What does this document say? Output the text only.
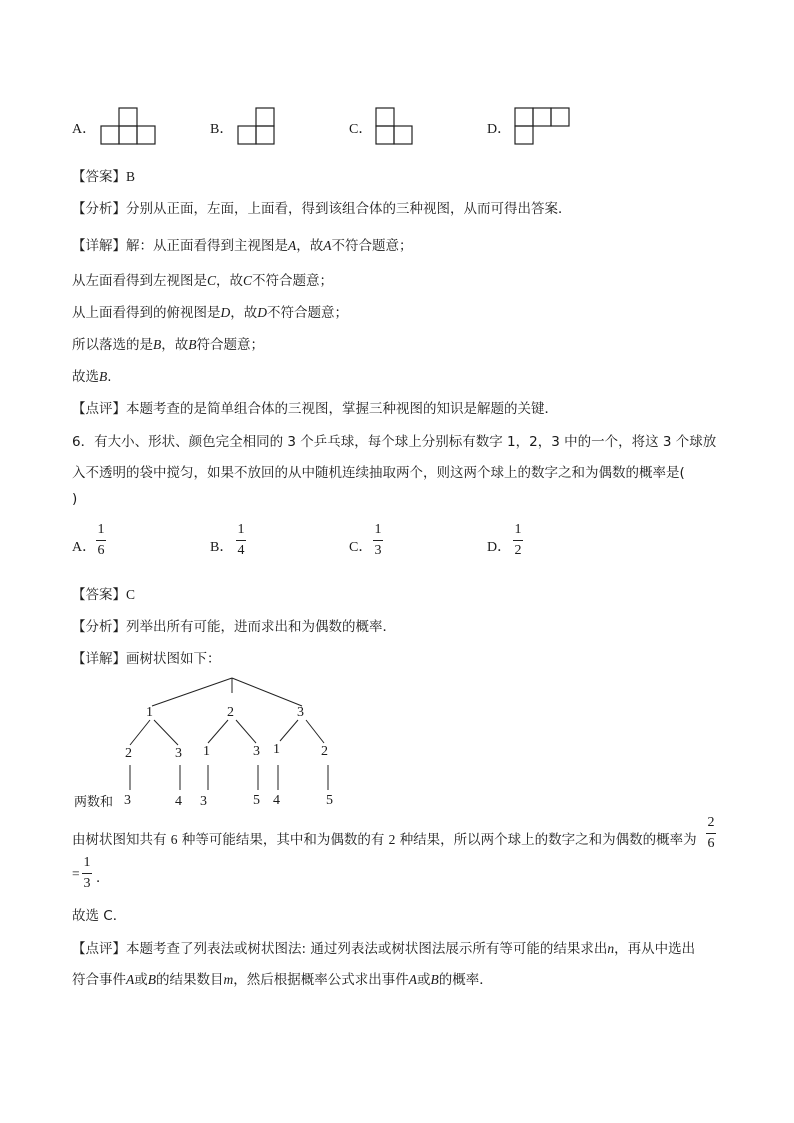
A．	B．	C．	D．
【答案】B
【分析】分别从正面，左面，上面看，得到该组合体的三种视图，从而可得出答案．
【详解】解：从正面看得到主视图是A，故A不符合题意；
从左面看得到左视图是C，故C不符合题意；
从上面看得到的俯视图是D，故D不符合题意；
所以落选的是B，故B符合题意；
故选B.
【点评】本题考查的是简单组合体的三视图，掌握三种视图的知识是解题的关键．
6．有大小、形状、颜色完全相同的 3 个乒乓球，每个球上分别标有数字 1，2，3 中的一个，将这 3 个球放
入不透明的袋中搅匀，如果不放回的从中随机连续抽取两个，则这两个球上的数字之和为偶数的概率是(
)
A．
1
6	B．
1
4	C．
1
3	D．
1
2
【答案】C
【分析】列举出所有可能，进而求出和为偶数的概率．
【详解】画树状图如下：
1	2	3
2	3 1	3 1	2
两数和 3	4 3	5 4	5
由树状图知共有 6 种等可能结果，其中和为偶数的有 2 种结果，所以两个球上的数字之和为偶数的概率为
2
6
=
1
3 ．
故选 C．
【点评】本题考查了列表法或树状图法: 通过列表法或树状图法展示所有等可能的结果求出n，再从中选出
符合事件A或B的结果数目m，然后根据概率公式求出事件A或B的概率．
